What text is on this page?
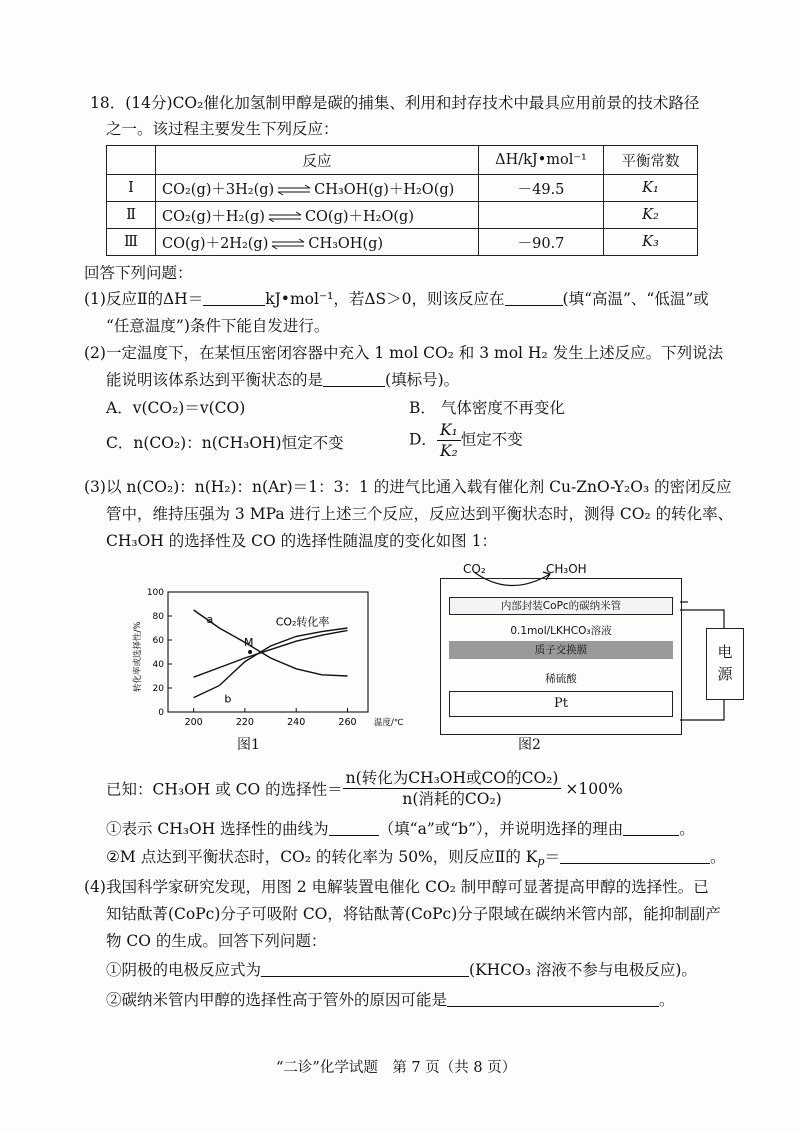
18．(14分)CO₂催化加氢制甲醇是碳的捕集、利用和封存技术中最具应用前景的技术路径
之一。该过程主要发生下列反应：
	反应	ΔH/kJ•mol⁻¹	平衡常数
Ⅰ	CO₂(g)＋3H₂(g) ⇌ CH₃OH(g)＋H₂O(g)	－49.5	K₁
Ⅱ	CO₂(g)＋H₂(g) ⇌ CO(g)＋H₂O(g)		K₂
Ⅲ	CO(g)＋2H₂(g) ⇌ CH₃OH(g)	－90.7	K₃
回答下列问题：
(1)反应Ⅱ的ΔH＝	kJ•mol⁻¹，若ΔS＞0，则该反应在	(填“高温”、“低温”或
“任意温度”)条件下能自发进行。
(2)一定温度下，在某恒压密闭容器中充入 1 mol CO₂ 和 3 mol H₂ 发生上述反应。下列说法
能说明该体系达到平衡状态的是	(填标号)。
A．v(CO₂)＝v(CO)	B． 气体密度不再变化
C．n(CO₂)：n(CH₃OH)恒定不变	D． $\frac{\text{K₁}}{\text{K₂}}$ 恒定不变
(3)以 n(CO₂)：n(H₂)：n(Ar)＝1：3：1 的进气比通入载有催化剂 Cu-ZnO-Y₂O₃ 的密闭反应
管中，维持压强为 3 MPa 进行上述三个反应，反应达到平衡状态时，测得 CO₂ 的转化率、
CH₃OH 的选择性及 CO 的选择性随温度的变化如图 1：
0
20
40
60
80
100
200	220	240	260 温度/℃
转化率或选择性/%	CO₂转化率
a
b
M
图1
CO₂	CH₃OH
内部封装CoPc的碳纳米管
0.1mol/LKHCO₃溶液
质子交换膜
稀硫酸
Pt
电
源
图2
已知：CH₃OH 或 CO 的选择性＝ $\frac{\text{n(转化为CH₃OH或CO的CO₂)}}{\text{n(消耗的CO₂)}} \times 100\%$
①表示 CH₃OH 选择性的曲线为	（填“a”或“b”），并说明选择的理由	。
②M 点达到平衡状态时，CO₂ 的转化率为 50%，则反应Ⅱ的 $K_p=$	。
(4)我国科学家研究发现，用图 2 电解装置电催化 CO₂ 制甲醇可显著提高甲醇的选择性。已
知钴酞菁(CoPc)分子可吸附 CO，将钴酞菁(CoPc)分子限域在碳纳米管内部，能抑制副产
物 CO 的生成。回答下列问题：
①阴极的电极反应式为	(KHCO₃ 溶液不参与电极反应)。
②碳纳米管内甲醇的选择性高于管外的原因可能是	。
“二诊”化学试题　第 7 页（共 8 页）
